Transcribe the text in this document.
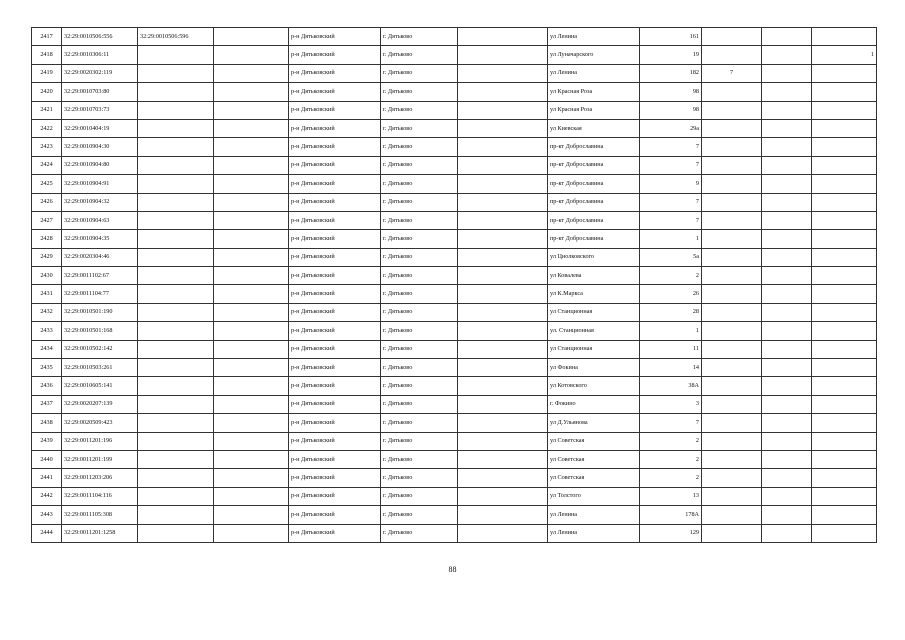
2417	32:29:0010506:556	32:29:0010506:596		р-н Дятьковский	г. Дятьково		ул Ленина	161			
2418	32:29:0010306:11			р-н Дятьковский	г. Дятьково		ул Луначарского	19			1
2419	32:29:0020302:119			р-н Дятьковский	г. Дятьково		ул Ленина	182	7		
2420	32:29:0010703:80			р-н Дятьковский	г. Дятьково		ул Красная Роза	98			
2421	32:29:0010703:73			р-н Дятьковский	г. Дятьково		ул Красная Роза	98			
2422	32:29:0010404:19			р-н Дятьковский	г. Дятьково		ул Киевская	29а			
2423	32:29:0010904:30			р-н Дятьковский	г. Дятьково		пр-кт Доброславина	7			
2424	32:29:0010904:80			р-н Дятьковский	г. Дятьково		пр-кт Доброславина	7			
2425	32:29:0010904:91			р-н Дятьковский	г. Дятьково		пр-кт Доброславина	9			
2426	32:29:0010904:32			р-н Дятьковский	г. Дятьково		пр-кт Доброславина	7			
2427	32:29:0010904:63			р-н Дятьковский	г. Дятьково		пр-кт Доброславина	7			
2428	32:29:0010904:35			р-н Дятьковский	г. Дятьково		пр-кт Доброславина	1			
2429	32:29:0020304:46			р-н Дятьковский	г. Дятьково		ул Циолковского	5а			
2430	32:29:0011102:67			р-н Дятьковский	г. Дятьково		ул Ковалева	2			
2431	32:29:0011104:77			р-н Дятьковский	г. Дятьково		ул К.Маркса	26			
2432	32:29:0010501:190			р-н Дятьковский	г. Дятьково		ул Станционная	28			
2433	32:29:0010501:168			р-н Дятьковский	г. Дятьково		ул. Станционная	1			
2434	32:29:0010502:142			р-н Дятьковский	г. Дятьково		ул Станционная	11			
2435	32:29:0010503:261			р-н Дятьковский	г. Дятьково		ул Фокина	14			
2436	32:29:0010605:141			р-н Дятьковский	г. Дятьково		ул Котовского	38А			
2437	32:29:0020207:139			р-н Дятьковский	г. Дятьково		г. Фокино	3			
2438	32:29:0020509:423			р-н Дятьковский	г. Дятьково		ул Д.Ульянова	7			
2439	32:29:0011201:196			р-н Дятьковский	г. Дятьково		ул Советская	2			
2440	32:29:0011201:199			р-н Дятьковский	г. Дятьково		ул Советская	2			
2441	32:29:0011203:206			р-н Дятьковский	г. Дятьково		ул Советская	2			
2442	32:29:0011104:116			р-н Дятьковский	г. Дятьково		ул Толстого	13			
2443	32:29:0011105:308			р-н Дятьковский	г. Дятьково		ул Ленина	178А			
2444	32:29:0011201:1258			р-н Дятьковский	г. Дятьково		ул Ленина	129			
88
